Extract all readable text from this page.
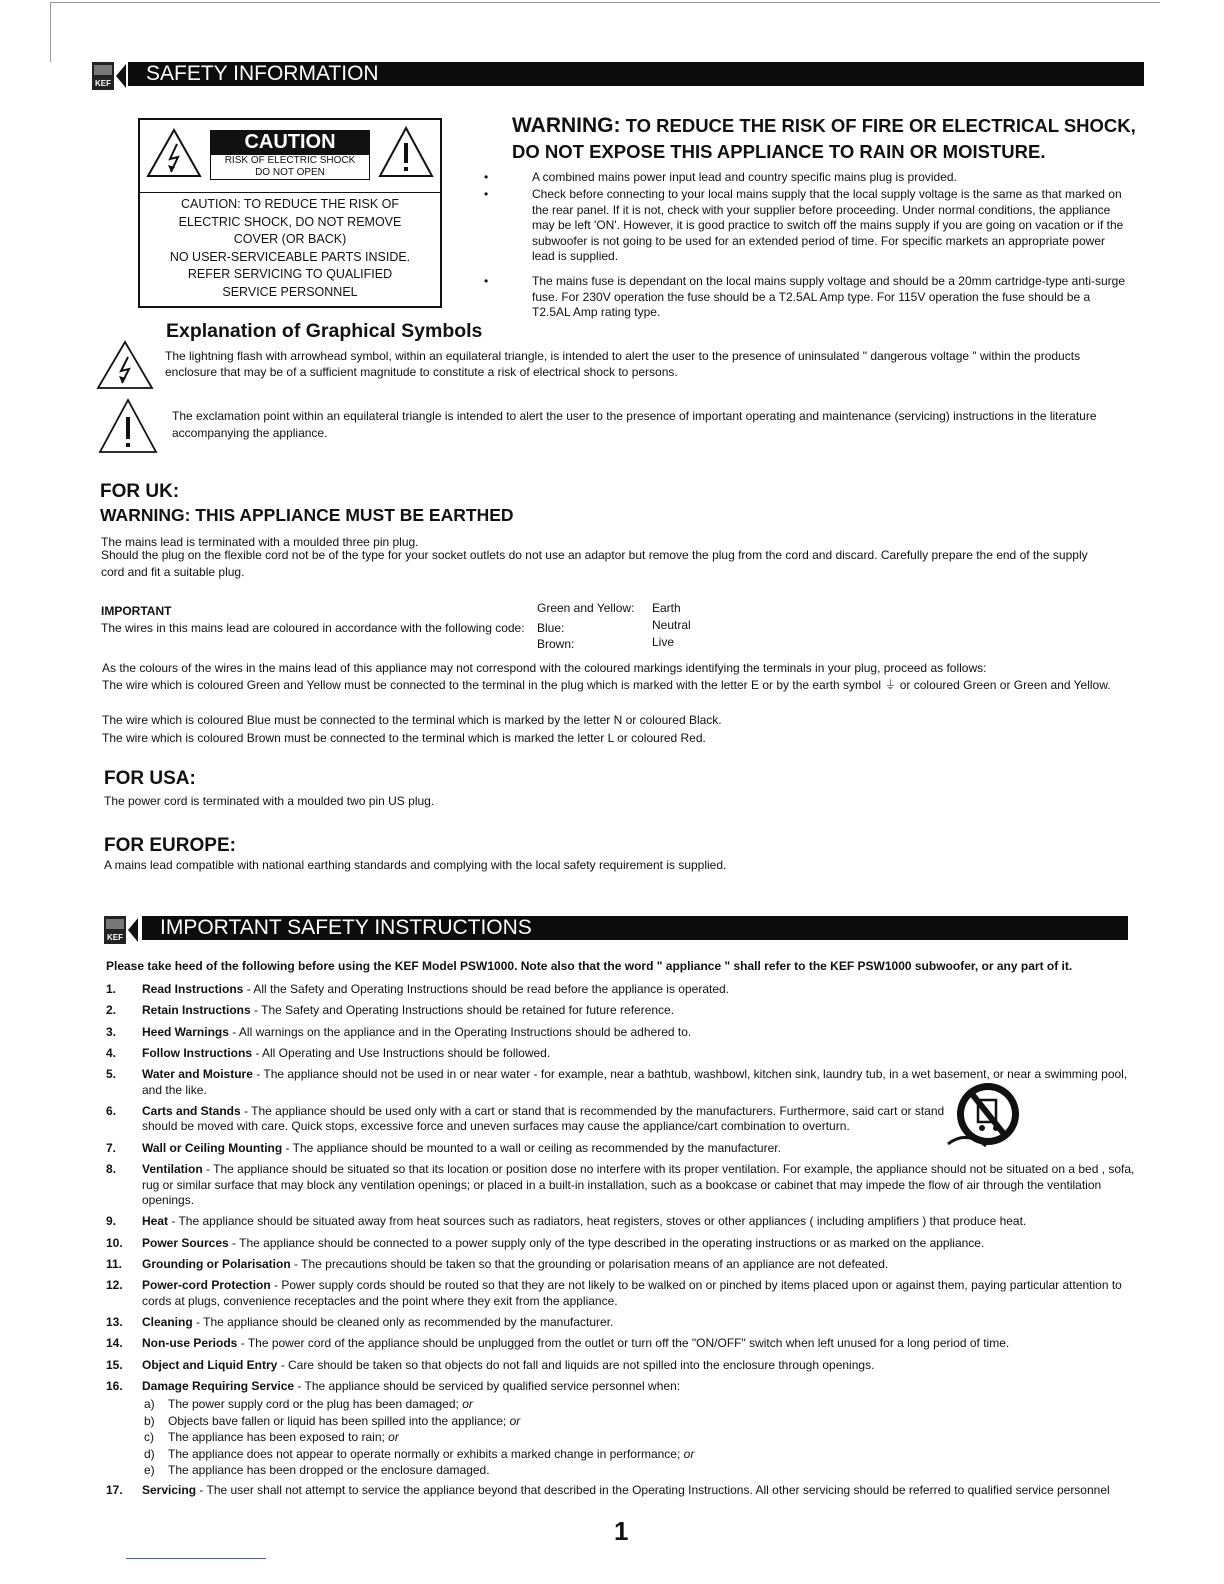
KEF	SAFETY INFORMATION
CAUTION
RISK OF ELECTRIC SHOCK
DO NOT OPEN
CAUTION: TO REDUCE THE RISK OF
ELECTRIC SHOCK, DO NOT REMOVE
COVER (OR BACK)
NO USER-SERVICEABLE PARTS INSIDE.
REFER SERVICING TO QUALIFIED
SERVICE PERSONNEL
WARNING: TO REDUCE THE RISK OF FIRE OR ELECTRICAL SHOCK,
DO NOT EXPOSE THIS APPLIANCE TO RAIN OR MOISTURE.
• A combined mains power input lead and country specific mains plug is provided.
• Check before connecting to your local mains supply that the local supply voltage is the same as that marked on the rear panel. If it is not, check with your supplier before proceeding. Under normal conditions, the appliance may be left 'ON'. However, it is good practice to switch off the mains supply if you are going on vacation or if the subwoofer is not going to be used for an extended period of time. For specific markets an appropriate power lead is supplied.
• The mains fuse is dependant on the local mains supply voltage and should be a 20mm cartridge-type anti-surge fuse. For 230V operation the fuse should be a T2.5AL Amp type. For 115V operation the fuse should be a T2.5AL Amp rating type.
Explanation of Graphical Symbols
The lightning flash with arrowhead symbol, within an equilateral triangle, is intended to alert the user to the presence of uninsulated " dangerous voltage " within the products enclosure that may be of a sufficient magnitude to constitute a risk of electrical shock to persons.
The exclamation point within an equilateral triangle is intended to alert the user to the presence of important operating and maintenance (servicing) instructions in the literature accompanying the appliance.
FOR UK:
WARNING: THIS APPLIANCE MUST BE EARTHED
The mains lead is terminated with a moulded three pin plug.
Should the plug on the flexible cord not be of the type for your socket outlets do not use an adaptor but remove the plug from the cord and discard. Carefully prepare the end of the supply cord and fit a suitable plug.
IMPORTANT
The wires in this mains lead are coloured in accordance with the following code:
Green and Yellow: Earth
Blue:	Neutral
Brown:	Live
As the colours of the wires in the mains lead of this appliance may not correspond with the coloured markings identifying the terminals in your plug, proceed as follows:
The wire which is coloured Green and Yellow must be connected to the terminal in the plug which is marked with the letter E or by the earth symbol ⏚ or coloured Green or Green and Yellow.
The wire which is coloured Blue must be connected to the terminal which is marked by the letter N or coloured Black.
The wire which is coloured Brown must be connected to the terminal which is marked the letter L or coloured Red.
FOR USA:
The power cord is terminated with a moulded two pin US plug.
FOR EUROPE:
A mains lead compatible with national earthing standards and complying with the local safety requirement is supplied.
KEF	IMPORTANT SAFETY INSTRUCTIONS
Please take heed of the following before using the KEF Model PSW1000. Note also that the word " appliance " shall refer to the KEF PSW1000 subwoofer, or any part of it.
1. Read Instructions - All the Safety and Operating Instructions should be read before the appliance is operated.
2. Retain Instructions - The Safety and Operating Instructions should be retained for future reference.
3. Heed Warnings - All warnings on the appliance and in the Operating Instructions should be adhered to.
4. Follow Instructions - All Operating and Use Instructions should be followed.
5. Water and Moisture - The appliance should not be used in or near water - for example, near a bathtub, washbowl, kitchen sink, laundry tub, in a wet basement, or near a swimming pool, and the like.
6. Carts and Stands - The appliance should be used only with a cart or stand that is recommended by the manufacturers. Furthermore, said cart or stand should be moved with care. Quick stops, excessive force and uneven surfaces may cause the appliance/cart combination to overturn.
7. Wall or Ceiling Mounting - The appliance should be mounted to a wall or ceiling as recommended by the manufacturer.
8. Ventilation - The appliance should be situated so that its location or position dose no interfere with its proper ventilation. For example, the appliance should not be situated on a bed , sofa, rug or similar surface that may block any ventilation openings; or placed in a built-in installation, such as a bookcase or cabinet that may impede the flow of air through the ventilation openings.
9. Heat - The appliance should be situated away from heat sources such as radiators, heat registers, stoves or other appliances ( including amplifiers ) that produce heat.
10. Power Sources - The appliance should be connected to a power supply only of the type described in the operating instructions or as marked on the appliance.
11. Grounding or Polarisation - The precautions should be taken so that the grounding or polarisation means of an appliance are not defeated.
12. Power-cord Protection - Power supply cords should be routed so that they are not likely to be walked on or pinched by items placed upon or against them, paying particular attention to cords at plugs, convenience receptacles and the point where they exit from the appliance.
13. Cleaning - The appliance should be cleaned only as recommended by the manufacturer.
14. Non-use Periods - The power cord of the appliance should be unplugged from the outlet or turn off the "ON/OFF" switch when left unused for a long period of time.
15. Object and Liquid Entry - Care should be taken so that objects do not fall and liquids are not spilled into the enclosure through openings.
16. Damage Requiring Service - The appliance should be serviced by qualified service personnel when:
a) The power supply cord or the plug has been damaged; or
b) Objects bave fallen or liquid has been spilled into the appliance; or
c) The appliance has been exposed to rain; or
d) The appliance does not appear to operate normally or exhibits a marked change in performance; or
e) The appliance has been dropped or the enclosure damaged.
17. Servicing - The user shall not attempt to service the appliance beyond that described in the Operating Instructions. All other servicing should be referred to qualified service personnel
1
